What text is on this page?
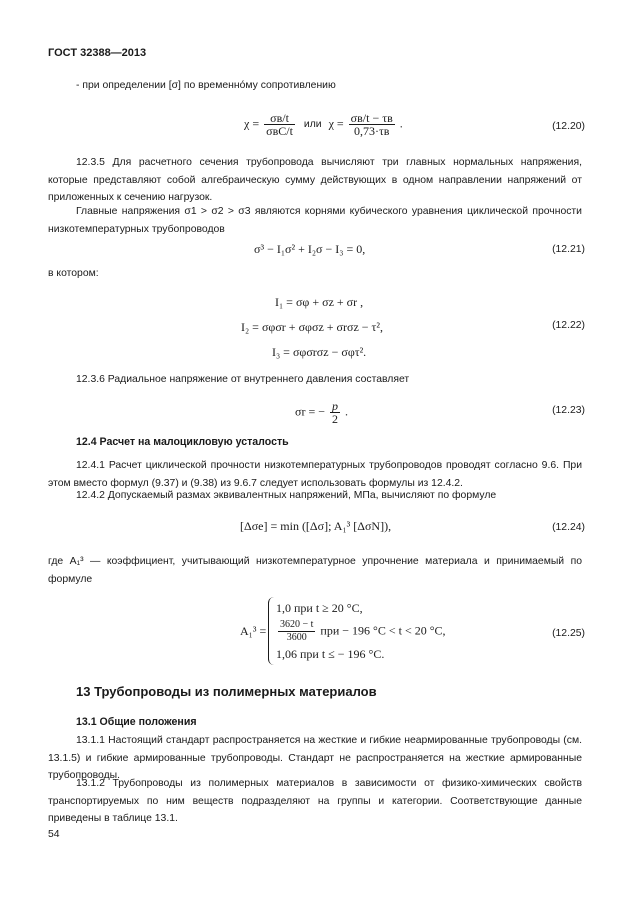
ГОСТ 32388—2013
- при определении [σ] по временно́му сопротивлению
$\chi = \frac{\sigma в/t}{\text{σвС/t}}$ или $\chi = \frac{\sigma в/t - \tau в}{0,73\cdot\tau в}$ .	(12.20)
12.3.5 Для расчетного сечения трубопровода вычисляют три главных нормальных напряжения, которые представляют собой алгебраическую сумму действующих в одном направлении напряжений от приложенных к сечению нагрузок.
Главные напряжения σ1 > σ2 > σ3 являются корнями кубического уравнения циклической прочности низкотемпературных трубопроводов
σ³ − I₁σ² + I₂σ − I₃ = 0,	(12.21)
в котором:
I₁ = σφ + σz + σr ,
I₂ = σφσr + σφσz + σrσz − τ²,
I₃ = σφσrσz − σφτ².
(12.22)
12.3.6 Радиальное напряжение от внутреннего давления составляет
σr = − $\frac{p}{2}$ .	(12.23)
12.4 Расчет на малоцикловую усталость
12.4.1 Расчет циклической прочности низкотемпературных трубопроводов проводят согласно 9.6. При этом вместо формул (9.37) и (9.38) из 9.6.7 следует использовать формулы из 12.4.2.
12.4.2 Допускаемый размах эквивалентных напряжений, МПа, вычисляют по формуле
[Δσe] = min ([Δσ]; A₁³ [ΔσN]),	(12.24)
где A₁³ — коэффициент, учитывающий низкотемпературное упрочнение материала и принимаемый по формуле
A₁³ =
1,0 при t ≥ 20 °С,
$\frac{3620 - t}{3600}$ при − 196 °С < t < 20 °С,
1,06 при t ≤ − 196 °С.
(12.25)
13 Трубопроводы из полимерных материалов
13.1 Общие положения
13.1.1 Настоящий стандарт распространяется на жесткие и гибкие неармированные трубопроводы (см. 13.1.5) и гибкие армированные трубопроводы. Стандарт не распространяется на жесткие армированные трубопроводы.
13.1.2 Трубопроводы из полимерных материалов в зависимости от физико-химических свойств транспортируемых по ним веществ подразделяют на группы и категории. Соответствующие данные приведены в таблице 13.1.
54
